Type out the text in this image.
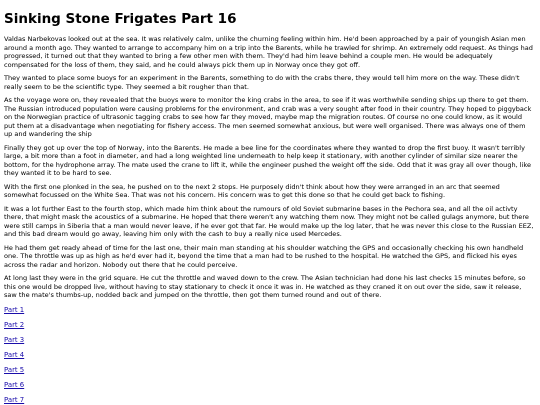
Sinking Stone Frigates Part 16

Valdas Narbekovas looked out at the sea. It was relatively calm, unlike the churning feeling within him. He'd been approached by a pair of youngish Asian men around a month ago. They wanted to arrange to accompany him on a trip into the Barents, while he trawled for shrimp. An extremely odd request. As things had progressed, it turned out that they wanted to bring a few other men with them. They'd had him leave behind a couple men. He would be adequately compensated for the loss of them, they said, and he could always pick them up in Norway once they got off.

They wanted to place some buoys for an experiment in the Barents, something to do with the crabs there, they would tell him more on the way. These didn't really seem to be the scientific type. They seemed a bit rougher than that.

As the voyage wore on, they revealed that the buoys were to monitor the king crabs in the area, to see if it was worthwhile sending ships up there to get them. The Russian introduced population were causing problems for the environment, and crab was a very sought after food in their country. They hoped to piggyback on the Norwegian practice of ultrasonic tagging crabs to see how far they moved, maybe map the migration routes. Of course no one could know, as it would put them at a disadvantage when negotiating for fishery access. The men seemed somewhat anxious, but were well organised. There was always one of them up and wandering the ship

Finally they got up over the top of Norway, into the Barents. He made a bee line for the coordinates where they wanted to drop the first buoy. It wasn't terribly large, a bit more than a foot in diameter, and had a long weighted line underneath to help keep it stationary, with another cylinder of similar size nearer the bottom, for the hydrophone array. The mate used the crane to lift it, while the engineer pushed the weight off the side. Odd that it was gray all over though, like they wanted it to be hard to see.

With the first one plonked in the sea, he pushed on to the next 2 stops. He purposely didn't think about how they were arranged in an arc that seemed somewhat focussed on the White Sea. That was not his concern. His concern was to get this done so that he could get back to fishing.

It was a lot further East to the fourth stop, which made him think about the rumours of old Soviet submarine bases in the Pechora sea, and all the oil activty there, that might mask the acoustics of a submarine. He hoped that there weren't any watching them now. They might not be called gulags anymore, but there were still camps in Siberia that a man would never leave, if he ever got that far. He would make up the log later, that he was never this close to the Russian EEZ, and this bad dream would go away, leaving him only with the cash to buy a really nice used Mercedes.

He had them get ready ahead of time for the last one, their main man standing at his shoulder watching the GPS and occasionally checking his own handheld one. The throttle was up as high as he'd ever had it, beyond the time that a man had to be rushed to the hospital. He watched the GPS, and flicked his eyes across the radar and horizon. Nobody out there that he could perceive.

At long last they were in the grid square. He cut the throttle and waved down to the crew. The Asian technician had done his last checks 15 minutes before, so this one would be dropped live, without having to stay stationary to check it once it was in. He watched as they craned it on out over the side, saw it release, saw the mate's thumbs-up, nodded back and jumped on the throttle, then got them turned round and out of there.

Part 1
Part 2
Part 3
Part 4
Part 5
Part 6
Part 7
